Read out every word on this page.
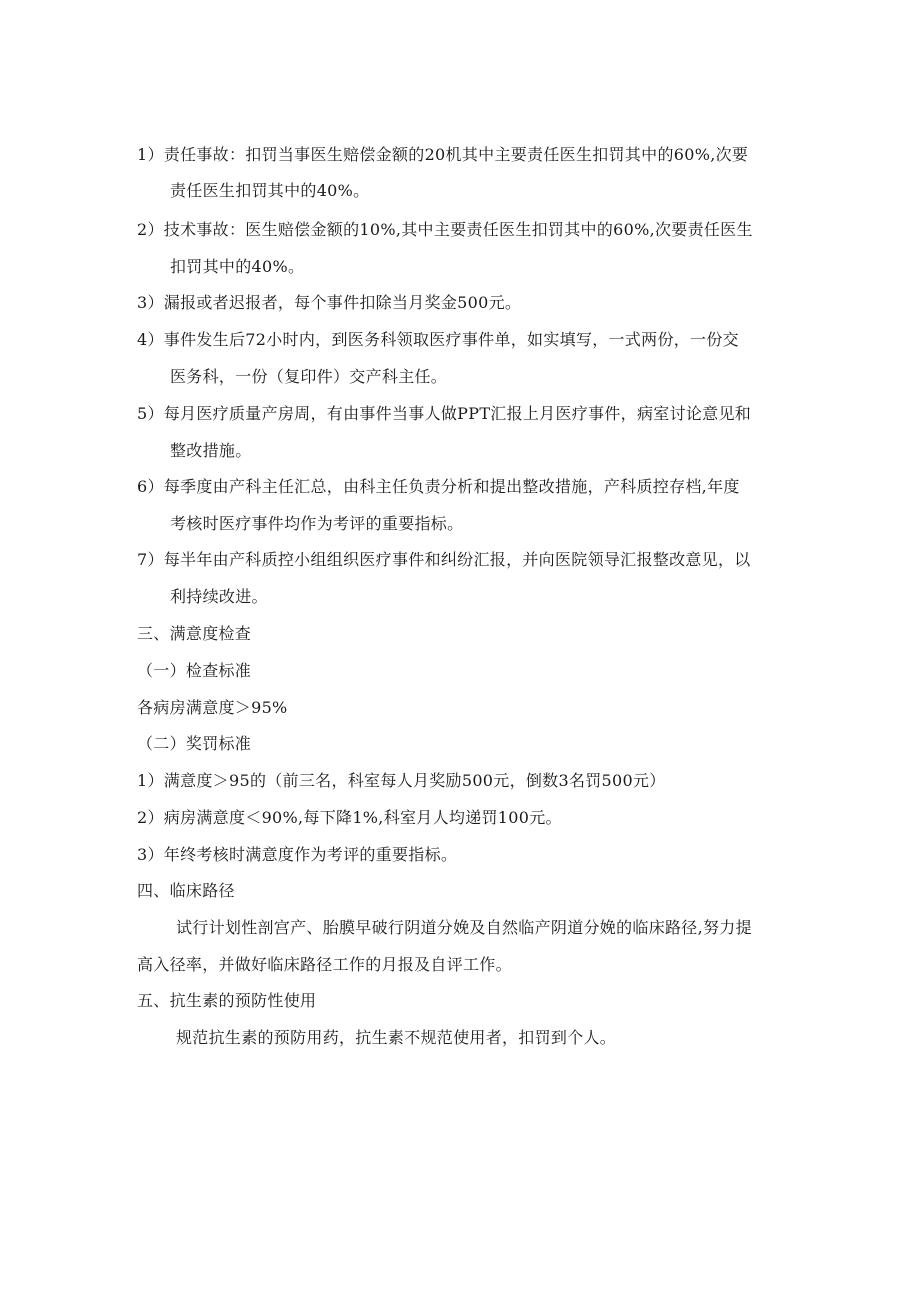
1）责任事故：扣罚当事医生赔偿金额的20机其中主要责任医生扣罚其中的60%,次要
责任医生扣罚其中的40%。
2）技术事故：医生赔偿金额的10%,其中主要责任医生扣罚其中的60%,次要责任医生
扣罚其中的40%。
3）漏报或者迟报者，每个事件扣除当月奖金500元。
4）事件发生后72小时内，到医务科领取医疗事件单，如实填写，一式两份，一份交
医务科，一份（复印件）交产科主任。
5）每月医疗质量产房周，有由事件当事人做PPT汇报上月医疗事件，病室讨论意见和
整改措施。
6）每季度由产科主任汇总，由科主任负责分析和提出整改措施，产科质控存档,年度
考核时医疗事件均作为考评的重要指标。
7）每半年由产科质控小组组织医疗事件和纠纷汇报，并向医院领导汇报整改意见，以
利持续改进。
三、满意度检查
（一）检查标准
各病房满意度＞95%
（二）奖罚标准
1）满意度＞95的（前三名，科室每人月奖励500元，倒数3名罚500元）
2）病房满意度＜90%,每下降1%,科室月人均递罚100元。
3）年终考核时满意度作为考评的重要指标。
四、临床路径
试行计划性剖宫产、胎膜早破行阴道分娩及自然临产阴道分娩的临床路径,努力提
高入径率，并做好临床路径工作的月报及自评工作。
五、抗生素的预防性使用
规范抗生素的预防用药，抗生素不规范使用者，扣罚到个人。
